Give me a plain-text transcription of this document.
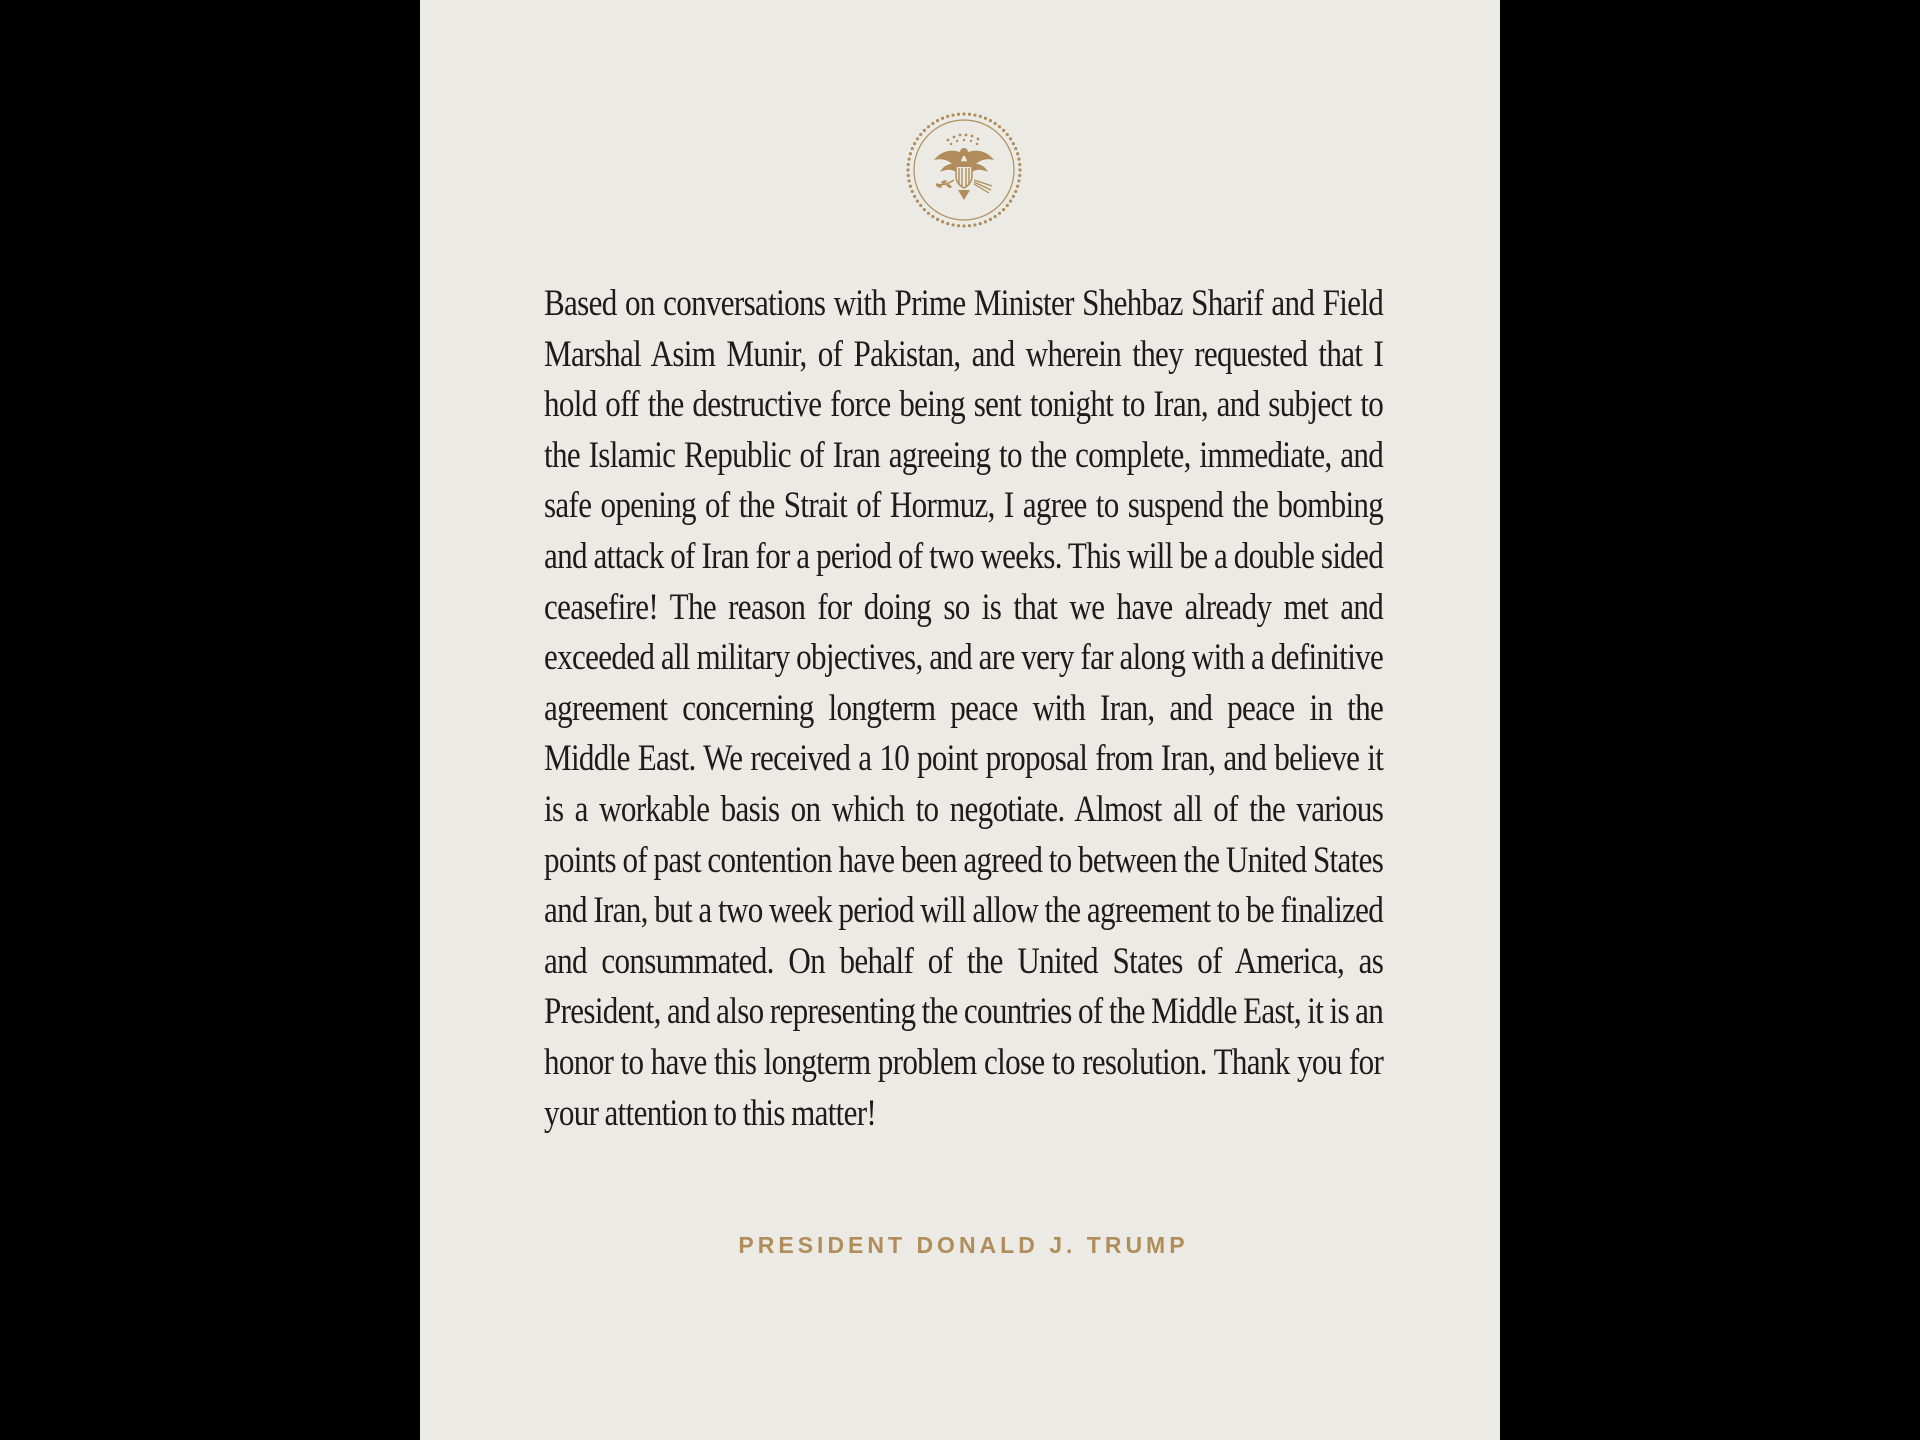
Based on conversations with Prime Minister Shehbaz Sharif and Field Marshal Asim Munir, of Pakistan, and wherein they requested that I hold off the destructive force being sent tonight to Iran, and subject to the Islamic Republic of Iran agreeing to the complete, immediate, and safe opening of the Strait of Hormuz, I agree to suspend the bombing and attack of Iran for a period of two weeks. This will be a double sided ceasefire! The reason for doing so is that we have already met and exceeded all military objectives, and are very far along with a definitive agreement concerning longterm peace with Iran, and peace in the Middle East. We received a 10 point proposal from Iran, and believe it is a workable basis on which to negotiate. Almost all of the various points of past contention have been agreed to between the United States and Iran, but a two week period will allow the agreement to be finalized and consummated. On behalf of the United States of America, as President, and also representing the countries of the Middle East, it is an honor to have this longterm problem close to resolution. Thank you for your attention to this matter!

PRESIDENT DONALD J. TRUMP
